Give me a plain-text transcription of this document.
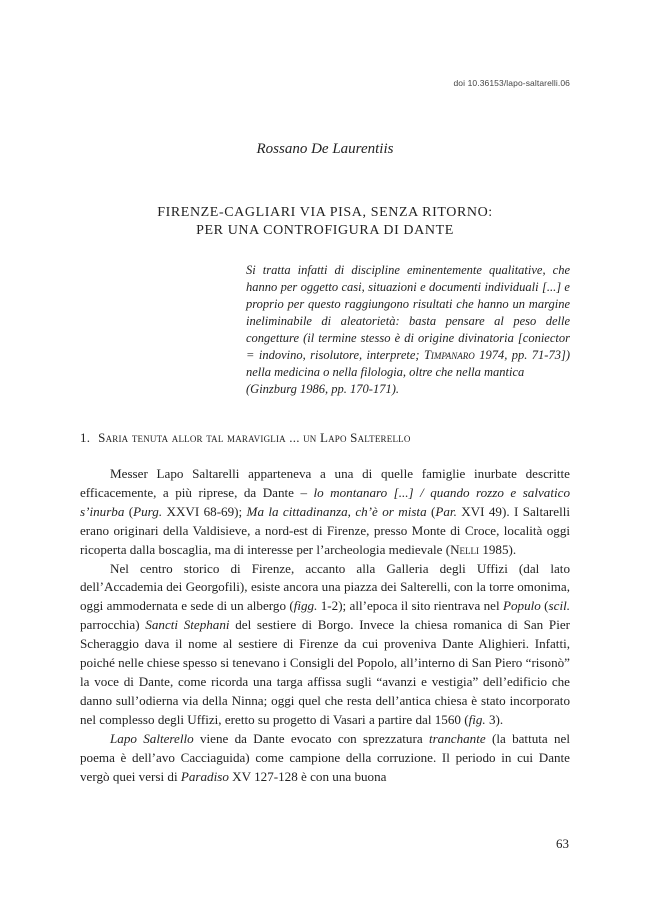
doi 10.36153/lapo-saltarelli.06
Rossano De Laurentiis
FIRENZE-CAGLIARI VIA PISA, SENZA RITORNO:
PER UNA CONTROFIGURA DI DANTE
Si tratta infatti di discipline eminentemente qualitative, che hanno per oggetto casi, situazioni e documenti individuali [...] e proprio per questo raggiungono risultati che hanno un margine ineliminabile di aleatorietà: basta pensare al peso delle congetture (il termine stesso è di origine divinatoria [coniector = indovino, risolutore, interprete; Timpanaro 1974, pp. 71-73]) nella medicina o nella filologia, oltre che nella mantica
(Ginzburg 1986, pp. 170-171).
1. Saria tenuta allor tal maraviglia ... un Lapo Salterello

Messer Lapo Saltarelli apparteneva a una di quelle famiglie inurbate descritte efficacemente, a più riprese, da Dante – lo montanaro [...] / quando rozzo e salvatico s’inurba (Purg. XXVI 68-69); Ma la cittadinanza, ch’è or mista (Par. XVI 49). I Saltarelli erano originari della Valdisieve, a nord-est di Firenze, presso Monte di Croce, località oggi ricoperta dalla boscaglia, ma di interesse per l’archeologia medievale (Nelli 1985).

Nel centro storico di Firenze, accanto alla Galleria degli Uffizi (dal lato dell’Accademia dei Georgofili), esiste ancora una piazza dei Salterelli, con la torre omonima, oggi ammodernata e sede di un albergo (figg. 1-2); all’epoca il sito rientrava nel Populo (scil. parrocchia) Sancti Stephani del sestiere di Borgo. Invece la chiesa romanica di San Pier Scheraggio dava il nome al sestiere di Firenze da cui proveniva Dante Alighieri. Infatti, poiché nelle chiese spesso si tenevano i Consigli del Popolo, all’interno di San Piero “risonò” la voce di Dante, come ricorda una targa affissa sugli “avanzi e vestigia” dell’edificio che danno sull’odierna via della Ninna; oggi quel che resta dell’antica chiesa è stato incorporato nel complesso degli Uffizi, eretto su progetto di Vasari a partire dal 1560 (fig. 3).

Lapo Salterello viene da Dante evocato con sprezzatura tranchante (la battuta nel poema è dell’avo Cacciaguida) come campione della corruzione. Il periodo in cui Dante vergò quei versi di Paradiso XV 127-128 è con una buona

63
